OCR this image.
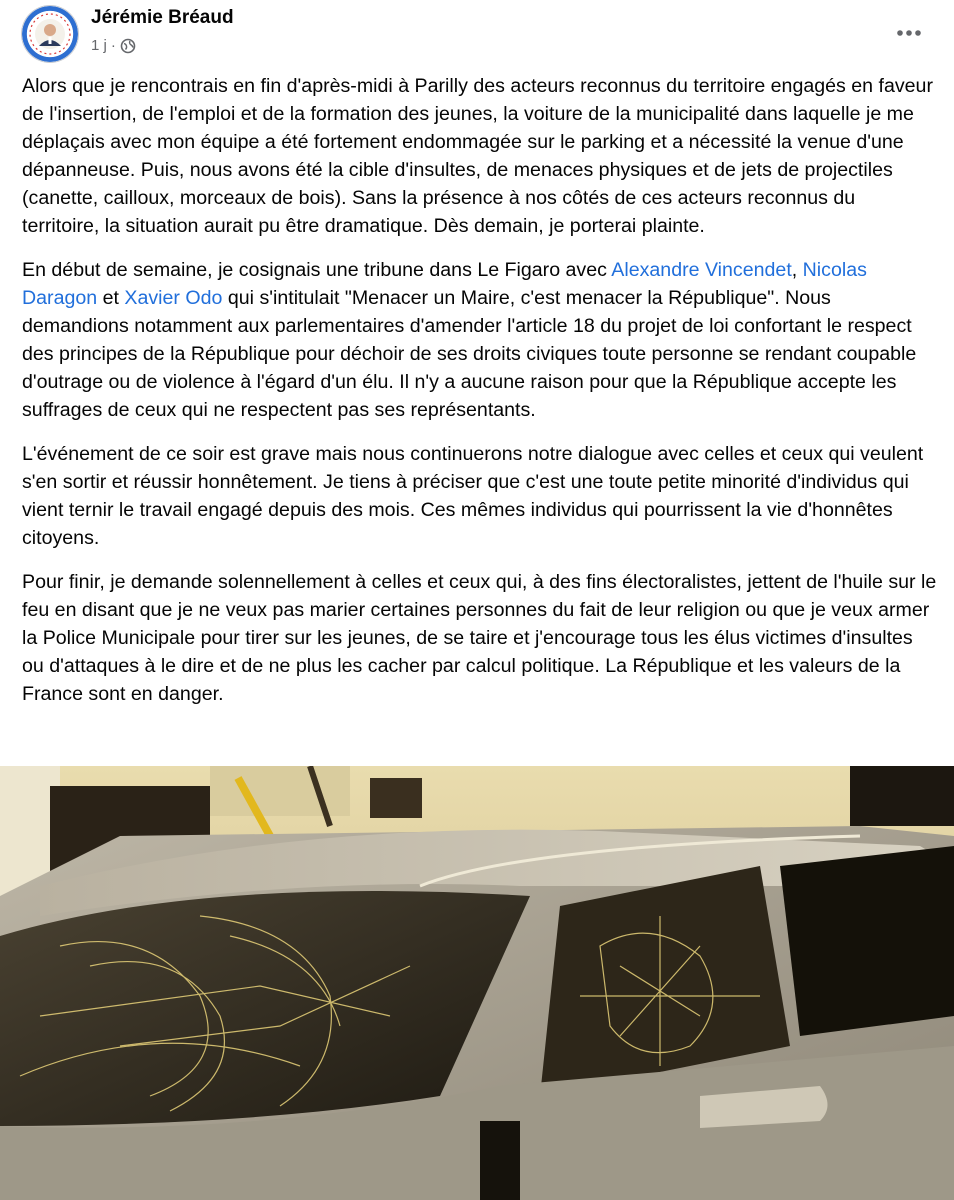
Jérémie Bréaud
1 j ·

Alors que je rencontrais en fin d'après-midi à Parilly des acteurs reconnus du territoire engagés en faveur de l'insertion, de l'emploi et de la formation des jeunes, la voiture de la municipalité dans laquelle je me déplaçais avec mon équipe a été fortement endommagée sur le parking et a nécessité la venue d'une dépanneuse. Puis, nous avons été la cible d'insultes, de menaces physiques et de jets de projectiles (canette, cailloux, morceaux de bois). Sans la présence à nos côtés de ces acteurs reconnus du territoire, la situation aurait pu être dramatique. Dès demain, je porterai plainte.

En début de semaine, je cosignais une tribune dans Le Figaro avec Alexandre Vincendet, Nicolas Daragon et Xavier Odo qui s'intitulait "Menacer un Maire, c'est menacer la République". Nous demandions notamment aux parlementaires d'amender l'article 18 du projet de loi confortant le respect des principes de la République pour déchoir de ses droits civiques toute personne se rendant coupable d'outrage ou de violence à l'égard d'un élu. Il n'y a aucune raison pour que la République accepte les suffrages de ceux qui ne respectent pas ses représentants.

L'événement de ce soir est grave mais nous continuerons notre dialogue avec celles et ceux qui veulent s'en sortir et réussir honnêtement. Je tiens à préciser que c'est une toute petite minorité d'individus qui vient ternir le travail engagé depuis des mois. Ces mêmes individus qui pourrissent la vie d'honnêtes citoyens.

Pour finir, je demande solennellement à celles et ceux qui, à des fins électoralistes, jettent de l'huile sur le feu en disant que je ne veux pas marier certaines personnes du fait de leur religion ou que je veux armer la Police Municipale pour tirer sur les jeunes, de se taire et j'encourage tous les élus victimes d'insultes ou d'attaques à le dire et de ne plus les cacher par calcul politique. La République et les valeurs de la France sont en danger.
